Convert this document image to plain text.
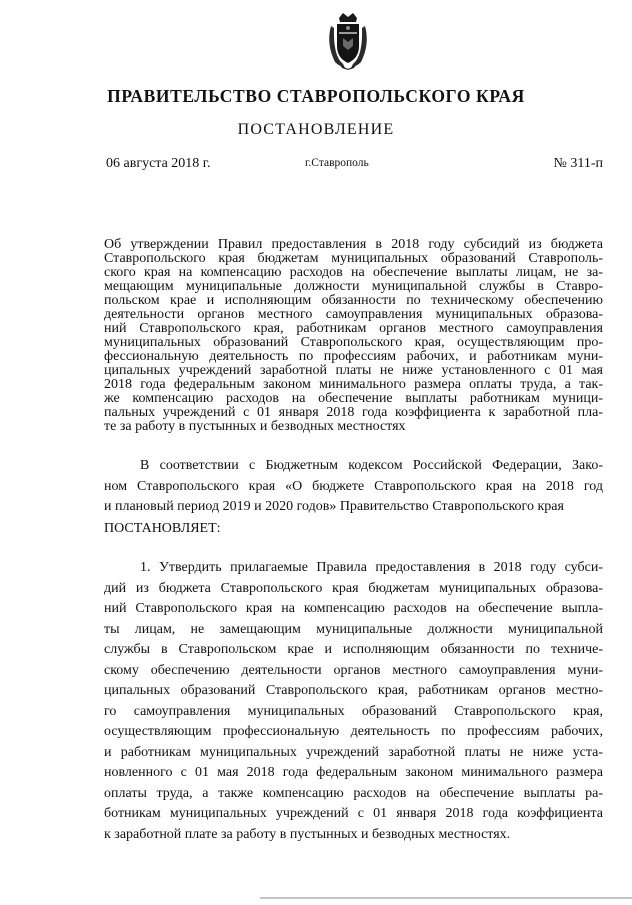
ПРАВИТЕЛЬСТВО СТАВРОПОЛЬСКОГО КРАЯ
ПОСТАНОВЛЕНИЕ
06 августа 2018 г.	г.Ставрополь	№ 311-п
Об утверждении Правил предоставления в 2018 году субсидий из бюджета
Ставропольского края бюджетам муниципальных образований Ставрополь-
ского края на компенсацию расходов на обеспечение выплаты лицам, не за-
мещающим муниципальные должности муниципальной службы в Ставро-
польском крае и исполняющим обязанности по техническому обеспечению
деятельности органов местного самоуправления муниципальных образова-
ний Ставропольского края, работникам органов местного самоуправления
муниципальных образований Ставропольского края, осуществляющим про-
фессиональную деятельность по профессиям рабочих, и работникам муни-
ципальных учреждений заработной платы не ниже установленного с 01 мая
2018 года федеральным законом минимального размера оплаты труда, а так-
же компенсацию расходов на обеспечение выплаты работникам муници-
пальных учреждений с 01 января 2018 года коэффициента к заработной пла-
те за работу в пустынных и безводных местностях
В соответствии с Бюджетным кодексом Российской Федерации, Зако-
ном Ставропольского края «О бюджете Ставропольского края на 2018 год
и плановый период 2019 и 2020 годов» Правительство Ставропольского края
ПОСТАНОВЛЯЕТ:
1. Утвердить прилагаемые Правила предоставления в 2018 году субси-
дий из бюджета Ставропольского края бюджетам муниципальных образова-
ний Ставропольского края на компенсацию расходов на обеспечение выпла-
ты лицам, не замещающим муниципальные должности муниципальной
службы в Ставропольском крае и исполняющим обязанности по техниче-
скому обеспечению деятельности органов местного самоуправления муни-
ципальных образований Ставропольского края, работникам органов местно-
го самоуправления муниципальных образований Ставропольского края,
осуществляющим профессиональную деятельность по профессиям рабочих,
и работникам муниципальных учреждений заработной платы не ниже уста-
новленного с 01 мая 2018 года федеральным законом минимального размера
оплаты труда, а также компенсацию расходов на обеспечение выплаты ра-
ботникам муниципальных учреждений с 01 января 2018 года коэффициента
к заработной плате за работу в пустынных и безводных местностях.
